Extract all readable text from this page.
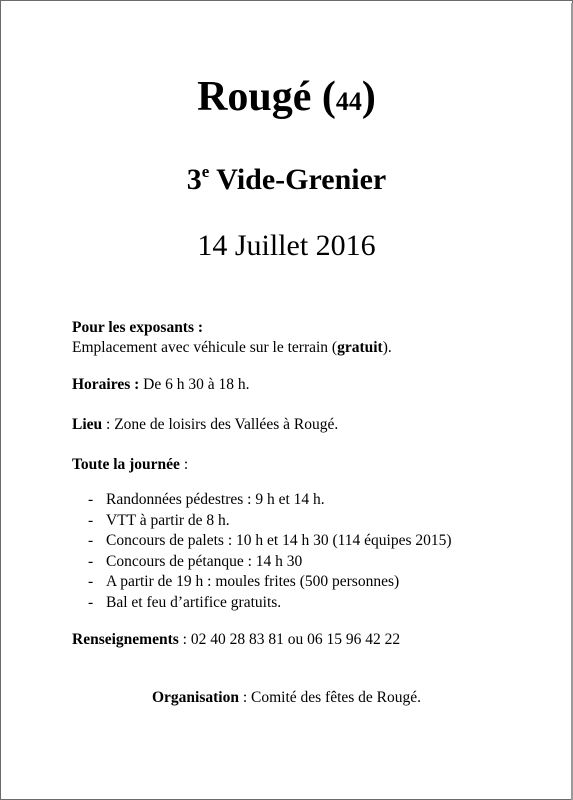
Rougé (44)
3e Vide-Grenier
14 Juillet 2016
Pour les exposants :
Emplacement avec véhicule sur le terrain (gratuit).
Horaires : De 6 h 30 à 18 h.
Lieu : Zone de loisirs des Vallées à Rougé.
Toute la journée :
- Randonnées pédestres : 9 h et 14 h.
- VTT à partir de 8 h.
- Concours de palets : 10 h et 14 h 30 (114 équipes 2015)
- Concours de pétanque : 14 h 30
- A partir de 19 h : moules frites (500 personnes)
- Bal et feu d’artifice gratuits.
Renseignements : 02 40 28 83 81 ou 06 15 96 42 22
Organisation : Comité des fêtes de Rougé.
